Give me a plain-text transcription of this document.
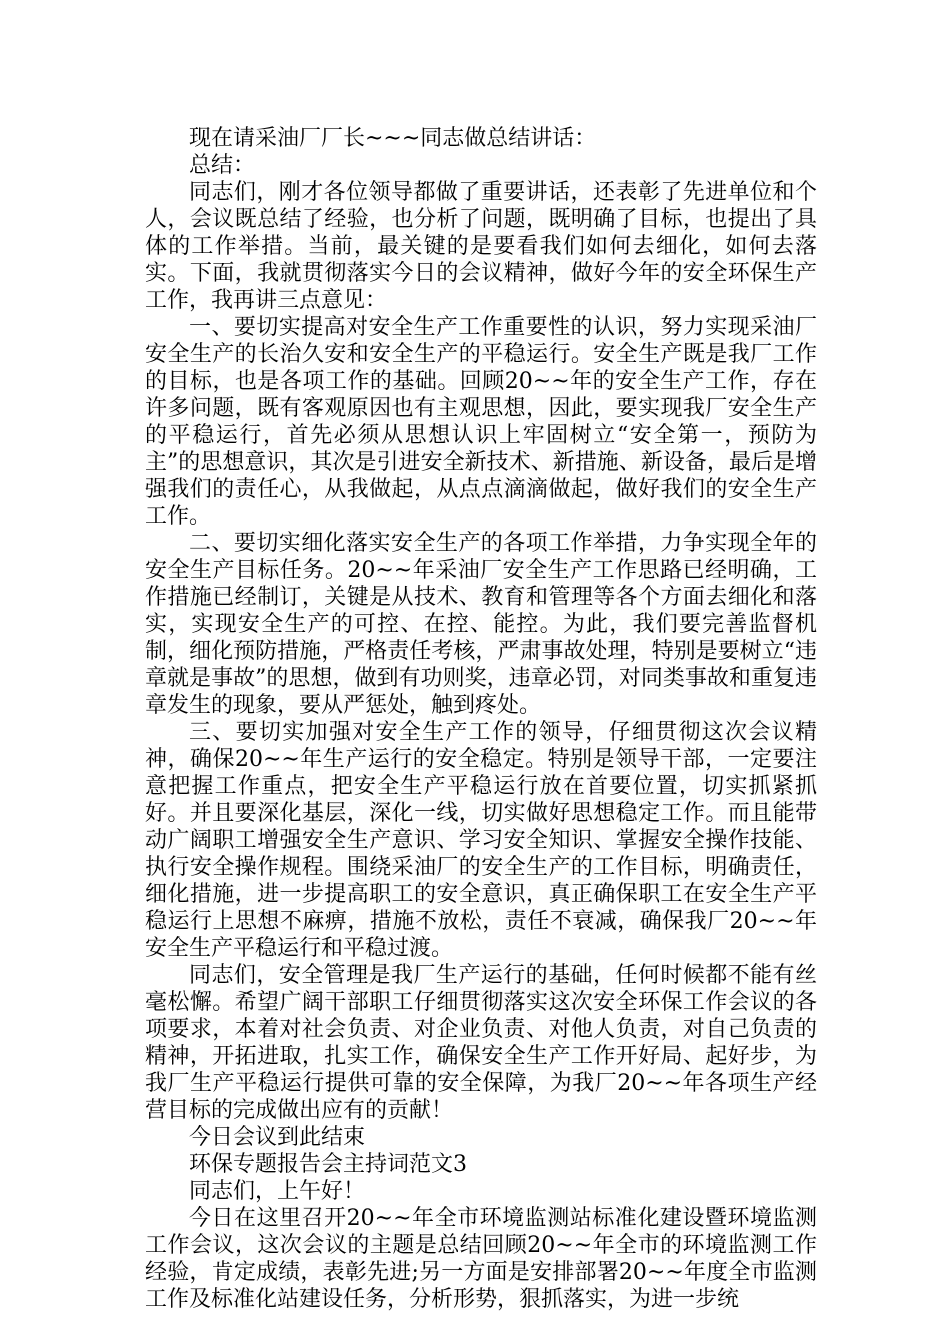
现在请采油厂厂长~~~同志做总结讲话：

总结：

同志们，刚才各位领导都做了重要讲话，还表彰了先进单位和个人，会议既总结了经验，也分析了问题，既明确了目标，也提出了具体的工作举措。当前，最关键的是要看我们如何去细化，如何去落实。下面，我就贯彻落实今日的会议精神，做好今年的安全环保生产工作，我再讲三点意见：

一、要切实提高对安全生产工作重要性的认识，努力实现采油厂安全生产的长治久安和安全生产的平稳运行。安全生产既是我厂工作的目标，也是各项工作的基础。回顾20~~年的安全生产工作，存在许多问题，既有客观原因也有主观思想，因此，要实现我厂安全生产的平稳运行，首先必须从思想认识上牢固树立“安全第一，预防为主”的思想意识，其次是引进安全新技术、新措施、新设备，最后是增强我们的责任心，从我做起，从点点滴滴做起，做好我们的安全生产工作。

二、要切实细化落实安全生产的各项工作举措，力争实现全年的安全生产目标任务。20~~年采油厂安全生产工作思路已经明确，工作措施已经制订，关键是从技术、教育和管理等各个方面去细化和落实，实现安全生产的可控、在控、能控。为此，我们要完善监督机制，细化预防措施，严格责任考核，严肃事故处理，特别是要树立“违章就是事故”的思想，做到有功则奖，违章必罚，对同类事故和重复违章发生的现象，要从严惩处，触到疼处。

三、要切实加强对安全生产工作的领导，仔细贯彻这次会议精神，确保20~~年生产运行的安全稳定。特别是领导干部，一定要注意把握工作重点，把安全生产平稳运行放在首要位置，切实抓紧抓好。并且要深化基层，深化一线，切实做好思想稳定工作。而且能带动广阔职工增强安全生产意识、学习安全知识、掌握安全操作技能、执行安全操作规程。围绕采油厂的安全生产的工作目标，明确责任，细化措施，进一步提高职工的安全意识，真正确保职工在安全生产平稳运行上思想不麻痹，措施不放松，责任不衰减，确保我厂20~~年安全生产平稳运行和平稳过渡。

同志们，安全管理是我厂生产运行的基础，任何时候都不能有丝毫松懈。希望广阔干部职工仔细贯彻落实这次安全环保工作会议的各项要求，本着对社会负责、对企业负责、对他人负责，对自己负责的精神，开拓进取，扎实工作，确保安全生产工作开好局、起好步，为我厂生产平稳运行提供可靠的安全保障，为我厂20~~年各项生产经营目标的完成做出应有的贡献！

今日会议到此结束

环保专题报告会主持词范文3

同志们，上午好！

今日在这里召开20~~年全市环境监测站标准化建设暨环境监测工作会议，这次会议的主题是总结回顾20~~年全市的环境监测工作经验，肯定成绩，表彰先进;另一方面是安排部署20~~年度全市监测工作及标准化站建设任务，分析形势，狠抓落实，为进一步统
